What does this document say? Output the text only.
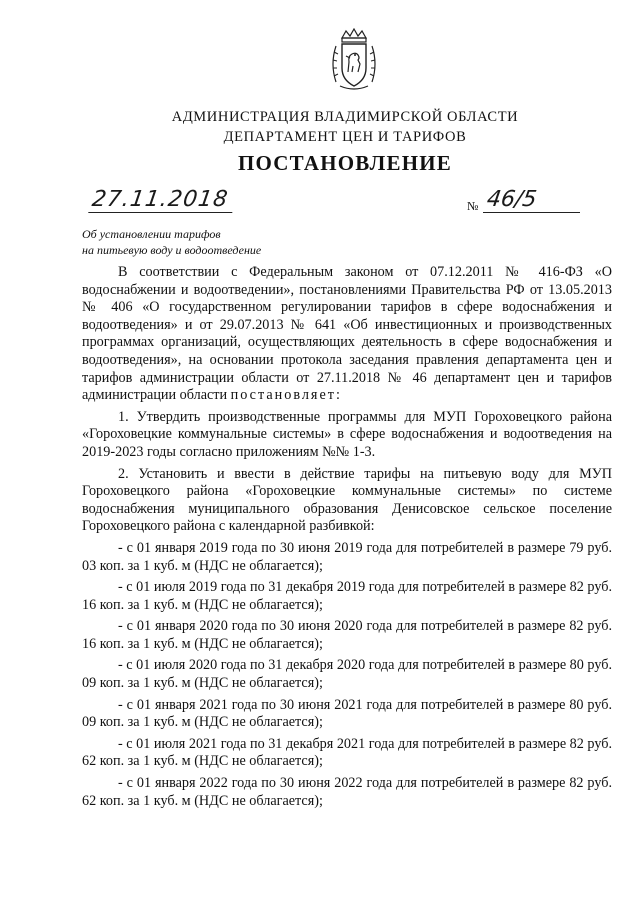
АДМИНИСТРАЦИЯ ВЛАДИМИРСКОЙ ОБЛАСТИ
ДЕПАРТАМЕНТ ЦЕН И ТАРИФОВ
ПОСТАНОВЛЕНИЕ
27.11.2018	№ 46/5
Об установлении тарифов
на питьевую воду и водоотведение

В соответствии с Федеральным законом от 07.12.2011 № 416-ФЗ «О водоснабжении и водоотведении», постановлениями Правительства РФ от 13.05.2013 № 406 «О государственном регулировании тарифов в сфере водоснабжения и водоотведения» и от 29.07.2013 № 641 «Об инвестиционных и производственных программах организаций, осуществляющих деятельность в сфере водоснабжения и водоотведения», на основании протокола заседания правления департамента цен и тарифов администрации области от 27.11.2018 № 46 департамент цен и тарифов администрации области постановляет:

1. Утвердить производственные программы для МУП Гороховецкого района «Гороховецкие коммунальные системы» в сфере водоснабжения и водоотведения на 2019-2023 годы согласно приложениям №№ 1-3.

2. Установить и ввести в действие тарифы на питьевую воду для МУП Гороховецкого района «Гороховецкие коммунальные системы» по системе водоснабжения муниципального образования Денисовское сельское поселение Гороховецкого района с календарной разбивкой:

- с 01 января 2019 года по 30 июня 2019 года для потребителей в размере 79 руб. 03 коп. за 1 куб. м (НДС не облагается);
- с 01 июля 2019 года по 31 декабря 2019 года для потребителей в размере 82 руб. 16 коп. за 1 куб. м (НДС не облагается);
- с 01 января 2020 года по 30 июня 2020 года для потребителей в размере 82 руб. 16 коп. за 1 куб. м (НДС не облагается);
- с 01 июля 2020 года по 31 декабря 2020 года для потребителей в размере 80 руб. 09 коп. за 1 куб. м (НДС не облагается);
- с 01 января 2021 года по 30 июня 2021 года для потребителей в размере 80 руб. 09 коп. за 1 куб. м (НДС не облагается);
- с 01 июля 2021 года по 31 декабря 2021 года для потребителей в размере 82 руб. 62 коп. за 1 куб. м (НДС не облагается);
- с 01 января 2022 года по 30 июня 2022 года для потребителей в размере 82 руб. 62 коп. за 1 куб. м (НДС не облагается);
